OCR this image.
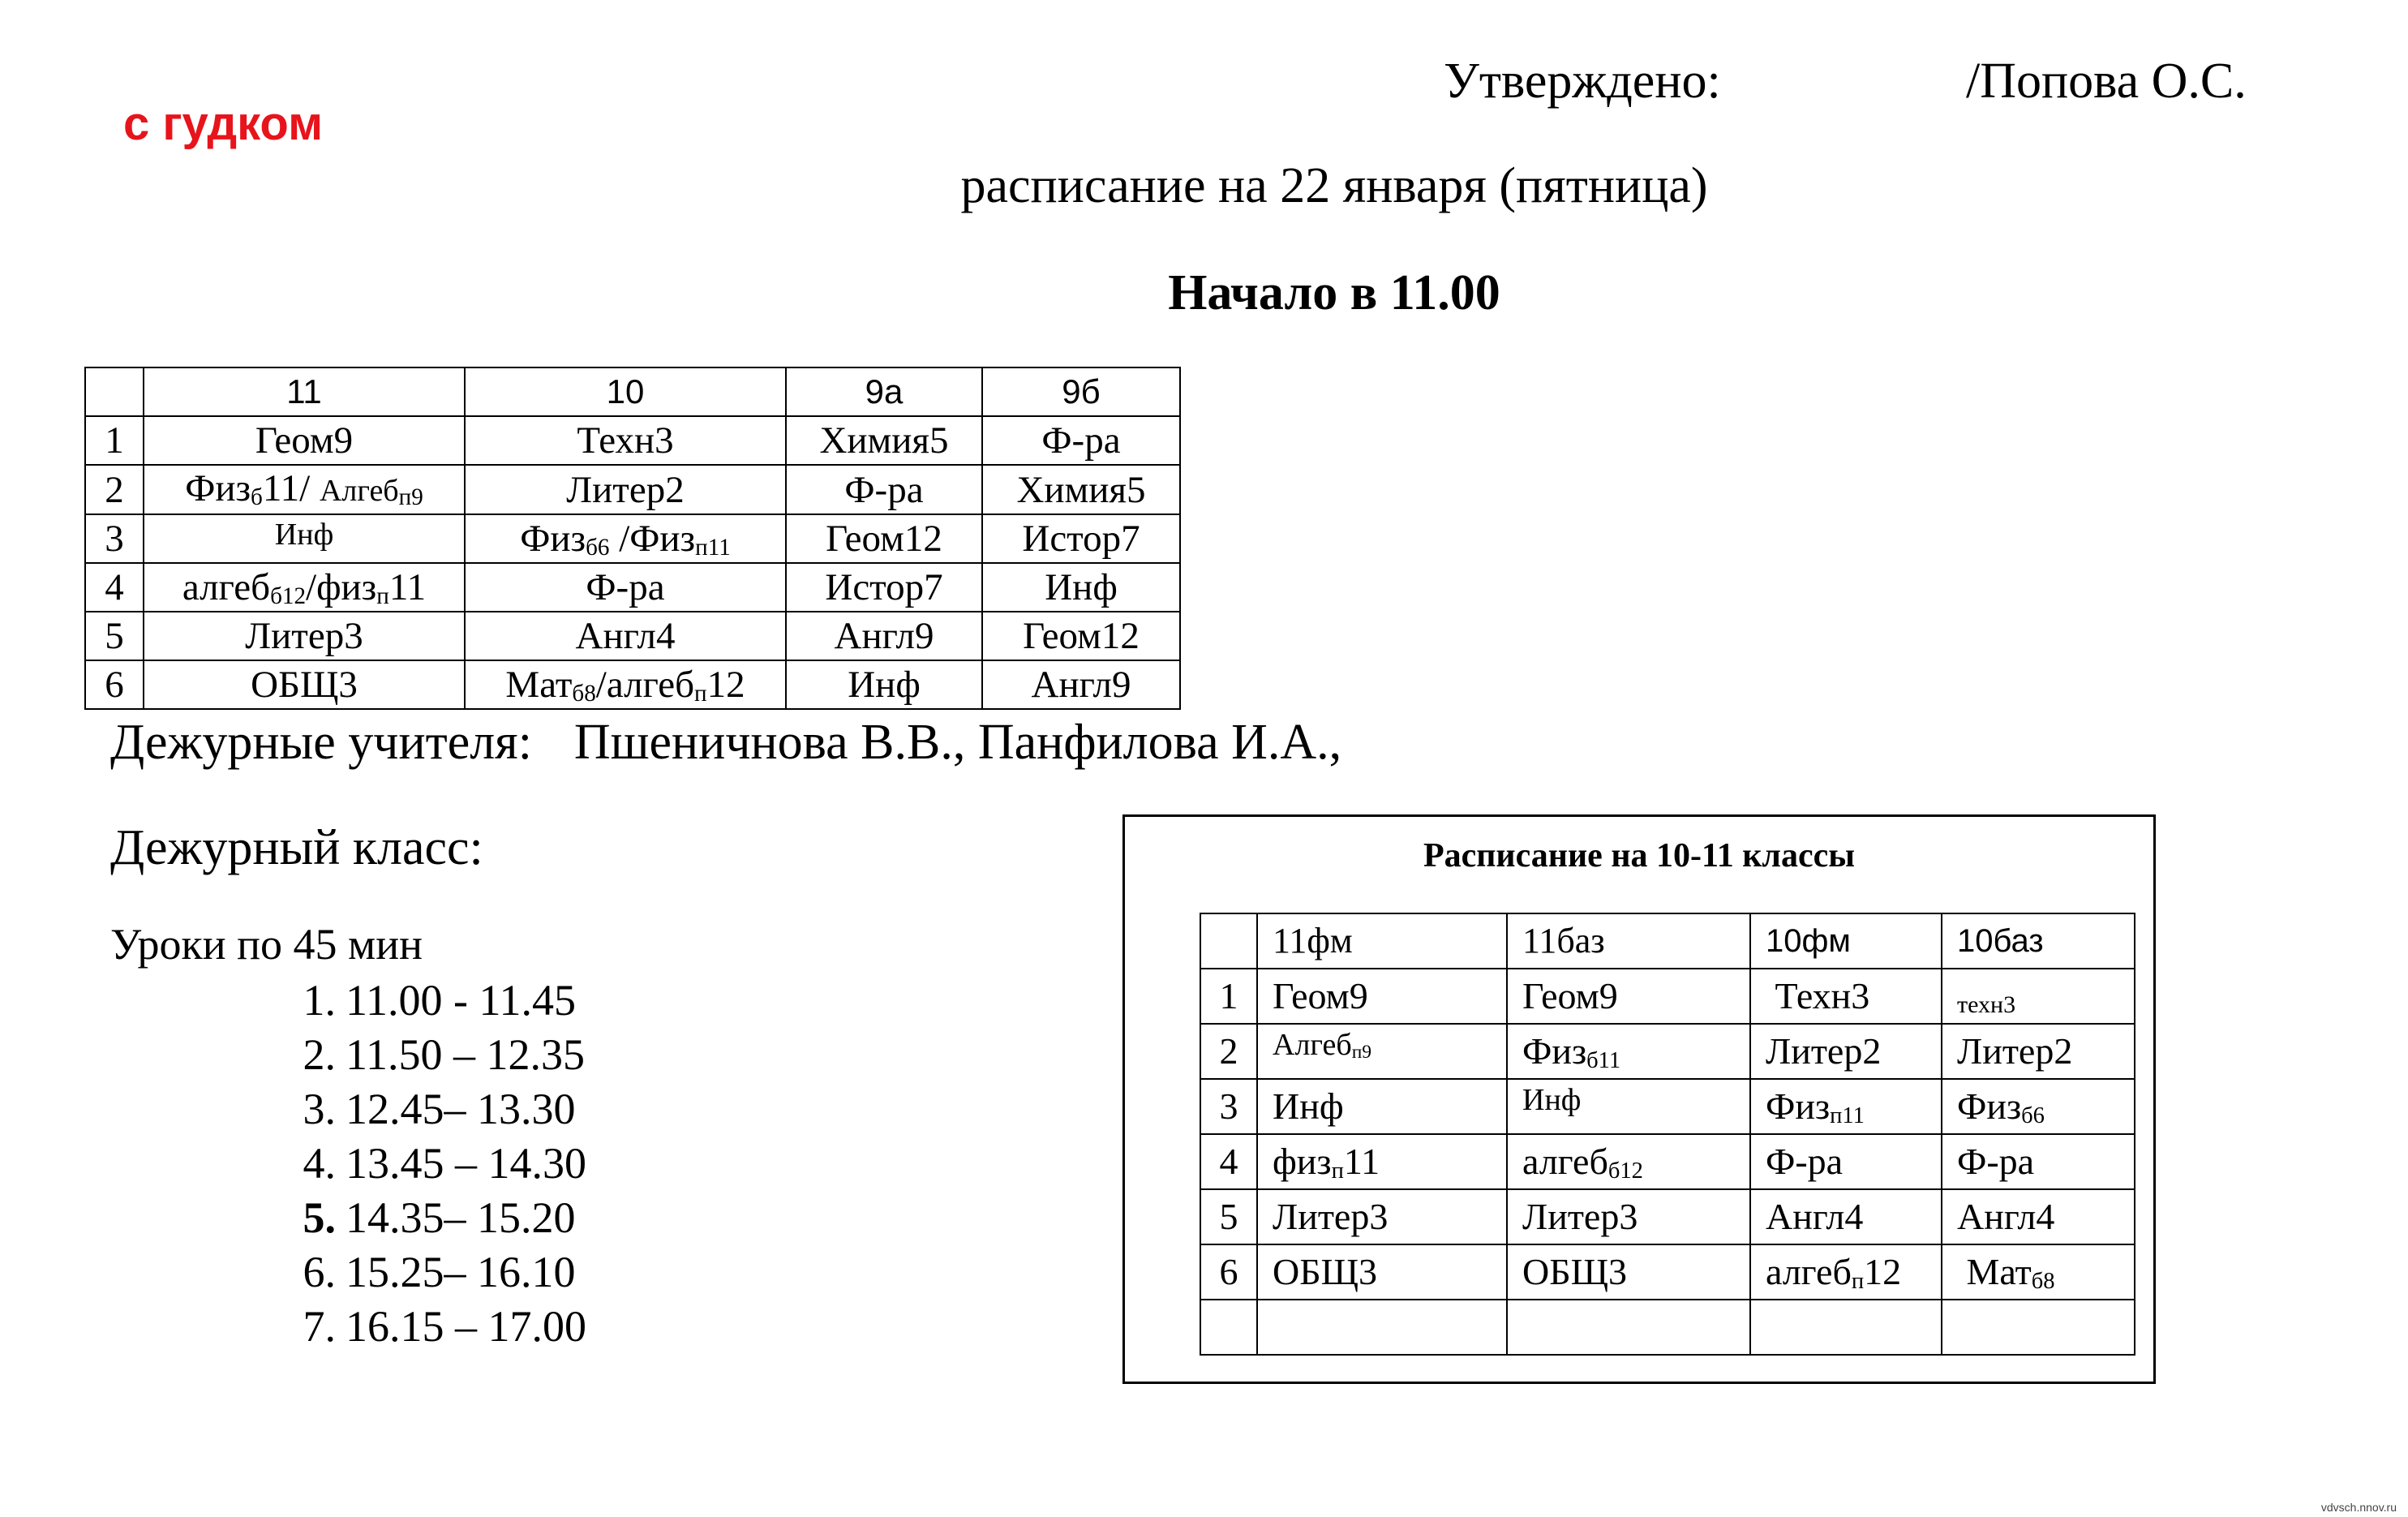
с гудком
Утверждено:	/Попова О.С.
расписание на 22 января (пятница)
Начало в 11.00
	11	10	9а	9б
1	Геом9	Техн3	Химия5	Ф-ра
2	Физ$_б$11/ Алгеб$_{п9}$	Литер2	Ф-ра	Химия5
3	Инф	Физ$_{б6}$ /Физ$_{п11}$	Геом12	Истор7
4	алгеб$_{б12}$/физ$_п$11	Ф-ра	Истор7	Инф
5	Литер3	Англ4	Англ9	Геом12
6	ОБЩ3	Мат$_{б8}$/алгеб$_п$12	Инф	Англ9
Дежурные учителя: Пшеничнова В.В., Панфилова И.А.,
Дежурный класс:
Уроки по 45 мин
1. 11.00 - 11.45
2. 11.50 – 12.35
3. 12.45– 13.30
4. 13.45 – 14.30
5. 14.35– 15.20
6. 15.25– 16.10
7. 16.15 – 17.00
Расписание на 10-11 классы
	11фм	11баз	10фм	10баз
1	Геом9	Геом9	Техн3	техн3
2	Алгеб$_{п9}$	Физ$_{б11}$	Литер2	Литер2
3	Инф	Инф	Физ$_{п11}$	Физ$_{б6}$
4	физ$_п$11	алгеб$_{б12}$	Ф-ра	Ф-ра
5	Литер3	Литер3	Англ4	Англ4
6	ОБЩ3	ОБЩ3	алгеб$_п$12	Мат$_{б8}$

vdvsch.nnov.ru
